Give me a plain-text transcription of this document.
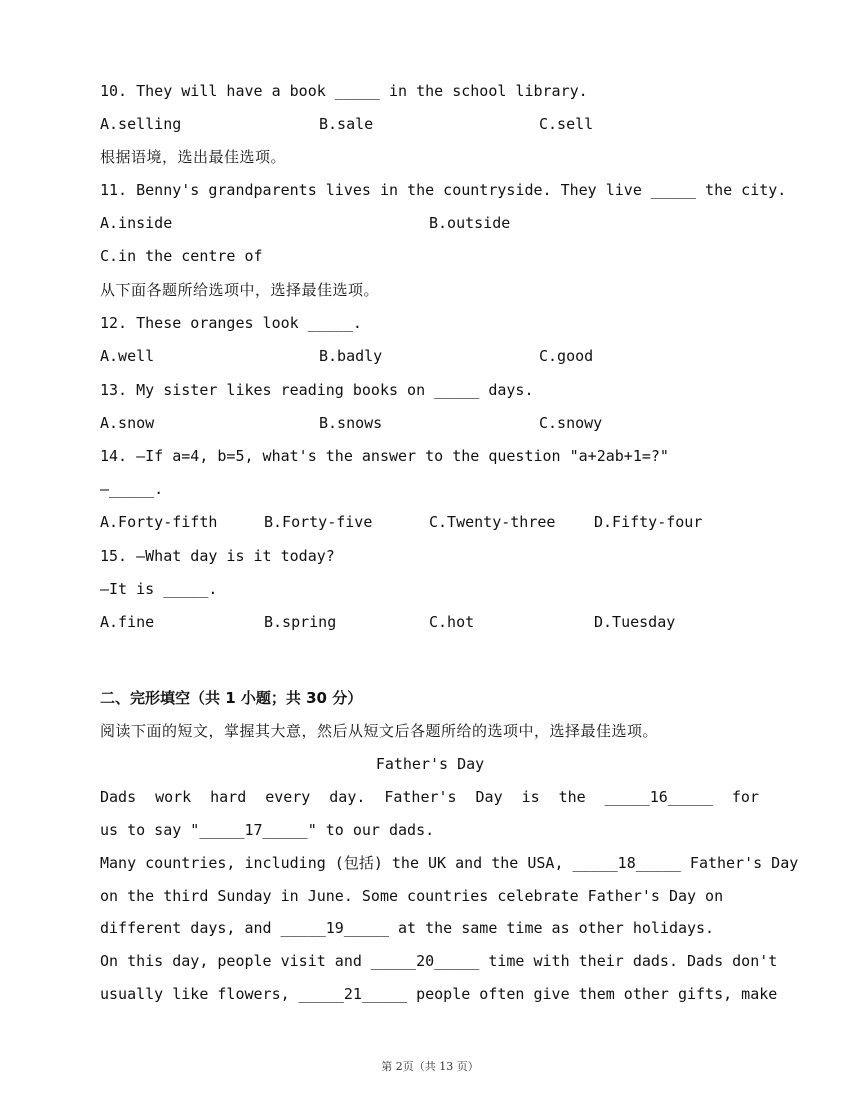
10. They will have a book _____ in the school library.
A.selling	B.sale	C.sell
根据语境，选出最佳选项。
11. Benny's grandparents lives in the countryside. They live _____ the city.
A.inside	B.outside
C.in the centre of
从下面各题所给选项中，选择最佳选项。
12. These oranges look _____.
A.well	B.badly	C.good
13. My sister likes reading books on _____ days.
A.snow	B.snows	C.snowy
14. —If a=4, b=5, what's the answer to the question "a+2ab+1=?"
—_____.
A.Forty-fifth	B.Forty-five	C.Twenty-three	D.Fifty-four
15. —What day is it today?
—It is _____.
A.fine	B.spring	C.hot	D.Tuesday
二、完形填空（共 1 小题；共 30 分）
阅读下面的短文，掌握其大意，然后从短文后各题所给的选项中，选择最佳选项。
Father's Day
Dads work hard every day. Father's Day is the _____16_____ for
us to say "_____17_____" to our dads.
Many countries, including (包括) the UK and the USA, _____18_____ Father's Day
on the third Sunday in June. Some countries celebrate Father's Day on
different days, and _____19_____ at the same time as other holidays.
On this day, people visit and _____20_____ time with their dads. Dads don't
usually like flowers, _____21_____ people often give them other gifts, make
第 2页（共 13 页）
